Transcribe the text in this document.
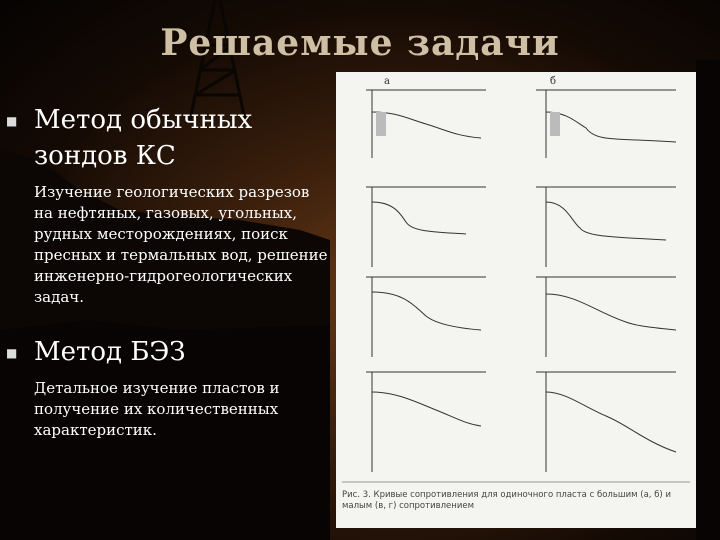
Решаемые задачи
■ Метод обычных зондов КС
Изучение геологических разрезов на нефтяных, газовых, угольных, рудных месторождениях, поиск пресных и термальных вод, решение инженерно-гидрогеологических задач.
■ Метод БЭЗ
Детальное изучение пластов и получение их количественных характеристик.
а	б
Рис. 3. Кривые сопротивления для одиночного пласта с большим (а, б) и малым (в, г) сопротивлением
